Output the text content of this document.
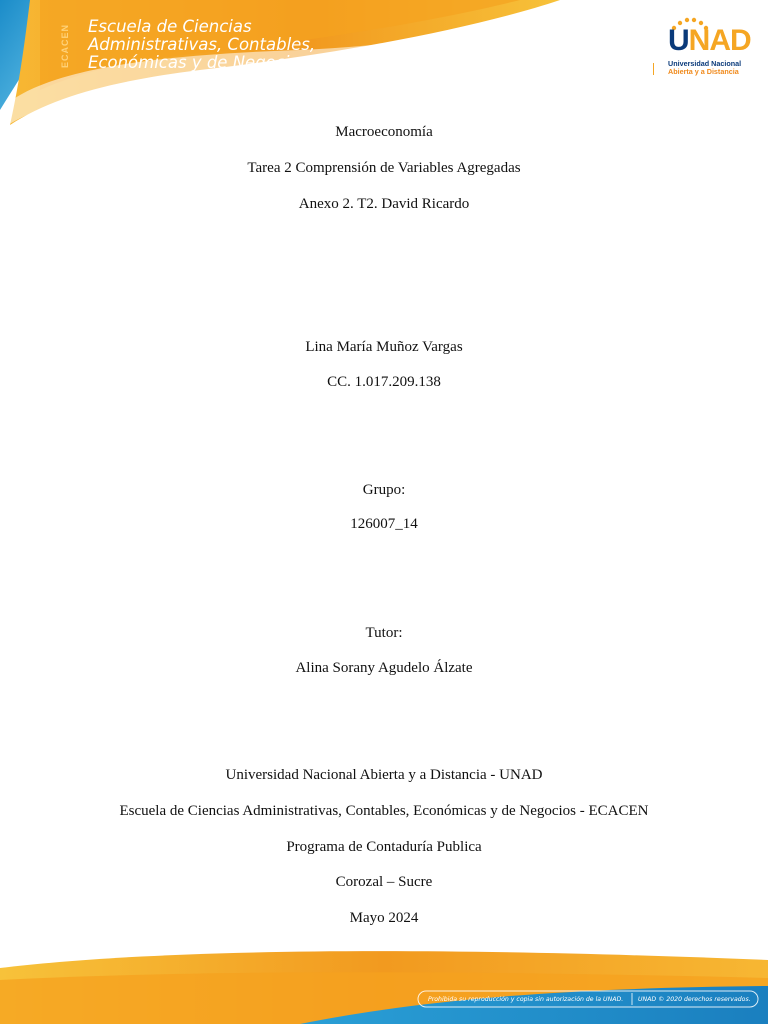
ECACEN	Escuela de Ciencias
Administrativas, Contables,
Económicas y de Negocios
UNAD
Universidad Nacional
Abierta y a Distancia
Macroeconomía
Tarea 2 Comprensión de Variables Agregadas
Anexo 2. T2. David Ricardo
Lina María Muñoz Vargas
CC. 1.017.209.138
Grupo:
126007_14
Tutor:
Alina Sorany Agudelo Álzate
Universidad Nacional Abierta y a Distancia - UNAD
Escuela de Ciencias Administrativas, Contables, Económicas y de Negocios - ECACEN
Programa de Contaduría Publica
Corozal – Sucre
Mayo 2024
Prohibida su reproducción y copia sin autorización de la UNAD. UNAD © 2020 derechos reservados.
